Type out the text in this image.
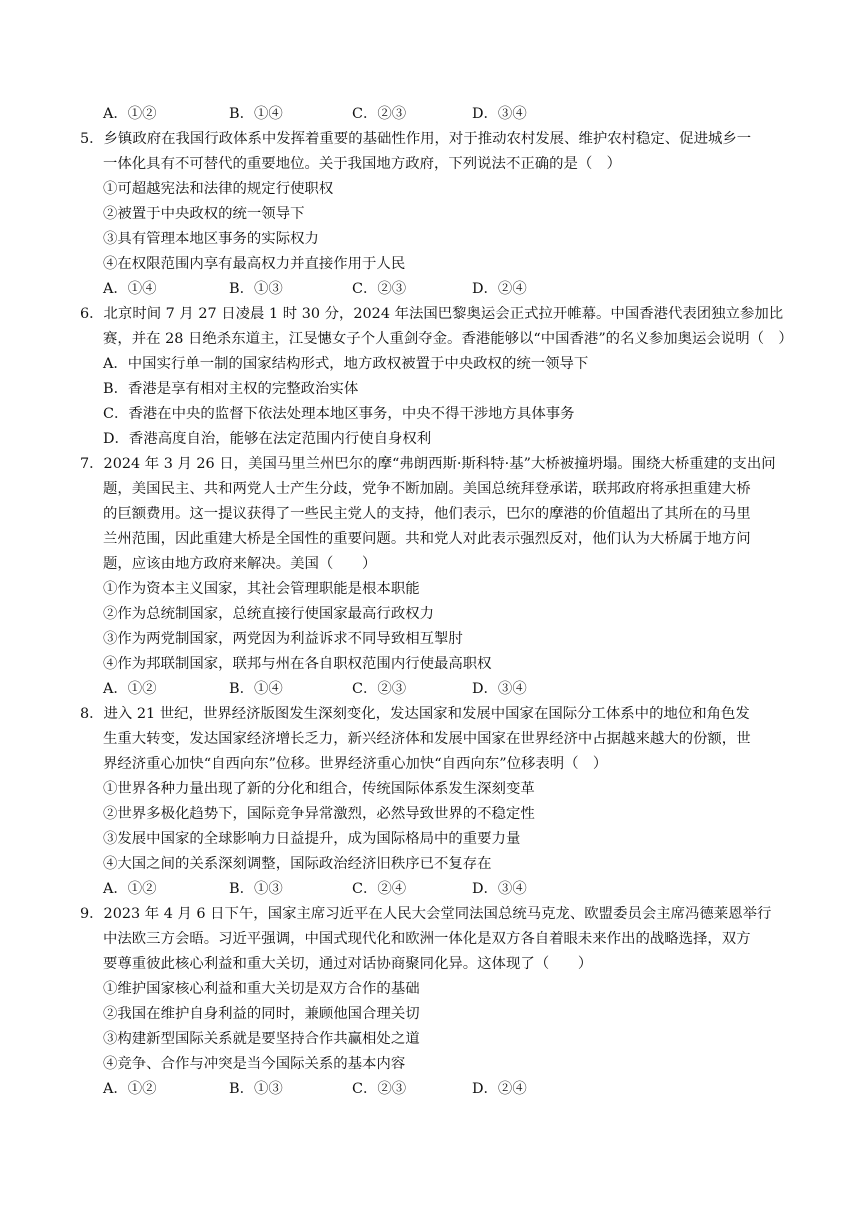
A．①②	B．①④	C．②③	D．③④
5．乡镇政府在我国行政体系中发挥着重要的基础性作用，对于推动农村发展、维护农村稳定、促进城乡一
一体化具有不可替代的重要地位。关于我国地方政府，下列说法不正确的是（　）
①可超越宪法和法律的规定行使职权
②被置于中央政权的统一领导下
③具有管理本地区事务的实际权力
④在权限范围内享有最高权力并直接作用于人民
A．①④	B．①③	C．②③	D．②④
6．北京时间 7 月 27 日凌晨 1 时 30 分，2024 年法国巴黎奥运会正式拉开帷幕。中国香港代表团独立参加比
赛，并在 28 日绝杀东道主，江旻憓女子个人重剑夺金。香港能够以“中国香港”的名义参加奥运会说明（　）
A．中国实行单一制的国家结构形式，地方政权被置于中央政权的统一领导下
B．香港是享有相对主权的完整政治实体
C．香港在中央的监督下依法处理本地区事务，中央不得干涉地方具体事务
D．香港高度自治，能够在法定范围内行使自身权利
7．2024 年 3 月 26 日，美国马里兰州巴尔的摩“弗朗西斯·斯科特·基”大桥被撞坍塌。围绕大桥重建的支出问
题，美国民主、共和两党人士产生分歧，党争不断加剧。美国总统拜登承诺，联邦政府将承担重建大桥
的巨额费用。这一提议获得了一些民主党人的支持，他们表示，巴尔的摩港的价值超出了其所在的马里
兰州范围，因此重建大桥是全国性的重要问题。共和党人对此表示强烈反对，他们认为大桥属于地方问
题，应该由地方政府来解决。美国（　　）
①作为资本主义国家，其社会管理职能是根本职能
②作为总统制国家，总统直接行使国家最高行政权力
③作为两党制国家，两党因为利益诉求不同导致相互掣肘
④作为邦联制国家，联邦与州在各自职权范围内行使最高职权
A．①②	B．①④	C．②③	D．③④
8．进入 21 世纪，世界经济版图发生深刻变化，发达国家和发展中国家在国际分工体系中的地位和角色发
生重大转变，发达国家经济增长乏力，新兴经济体和发展中国家在世界经济中占据越来越大的份额，世
界经济重心加快“自西向东”位移。世界经济重心加快“自西向东”位移表明（　）
①世界各种力量出现了新的分化和组合，传统国际体系发生深刻变革
②世界多极化趋势下，国际竞争异常激烈，必然导致世界的不稳定性
③发展中国家的全球影响力日益提升，成为国际格局中的重要力量
④大国之间的关系深刻调整，国际政治经济旧秩序已不复存在
A．①②	B．①③	C．②④	D．③④
9．2023 年 4 月 6 日下午，国家主席习近平在人民大会堂同法国总统马克龙、欧盟委员会主席冯德莱恩举行
中法欧三方会晤。习近平强调，中国式现代化和欧洲一体化是双方各自着眼未来作出的战略选择，双方
要尊重彼此核心利益和重大关切，通过对话协商聚同化异。这体现了（　　）
①维护国家核心利益和重大关切是双方合作的基础
②我国在维护自身利益的同时，兼顾他国合理关切
③构建新型国际关系就是要坚持合作共赢相处之道
④竞争、合作与冲突是当今国际关系的基本内容
A．①②	B．①③	C．②③	D．②④
